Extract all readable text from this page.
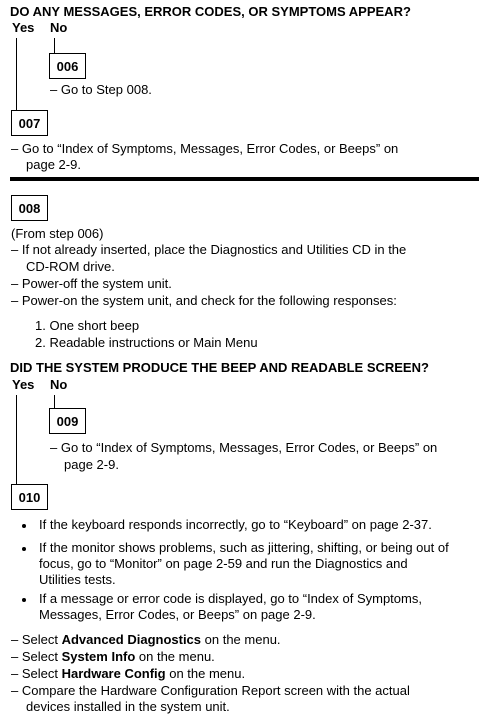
DO ANY MESSAGES, ERROR CODES, OR SYMPTOMS APPEAR?
Yes No
006
– Go to Step 008.
007
– Go to “Index of Symptoms, Messages, Error Codes, or Beeps” on
page 2-9.
008
(From step 006)
– If not already inserted, place the Diagnostics and Utilities CD in the
CD-ROM drive.
– Power-off the system unit.
– Power-on the system unit, and check for the following responses:
1. One short beep
2. Readable instructions or Main Menu
DID THE SYSTEM PRODUCE THE BEEP AND READABLE SCREEN?
Yes No
009
– Go to “Index of Symptoms, Messages, Error Codes, or Beeps” on
page 2-9.
010
If the keyboard responds incorrectly, go to “Keyboard” on page 2-37.
If the monitor shows problems, such as jittering, shifting, or being out of
focus, go to “Monitor” on page 2-59 and run the Diagnostics and
Utilities tests.
If a message or error code is displayed, go to “Index of Symptoms,
Messages, Error Codes, or Beeps” on page 2-9.
– Select Advanced Diagnostics on the menu.
– Select System Info on the menu.
– Select Hardware Config on the menu.
– Compare the Hardware Configuration Report screen with the actual
devices installed in the system unit.
